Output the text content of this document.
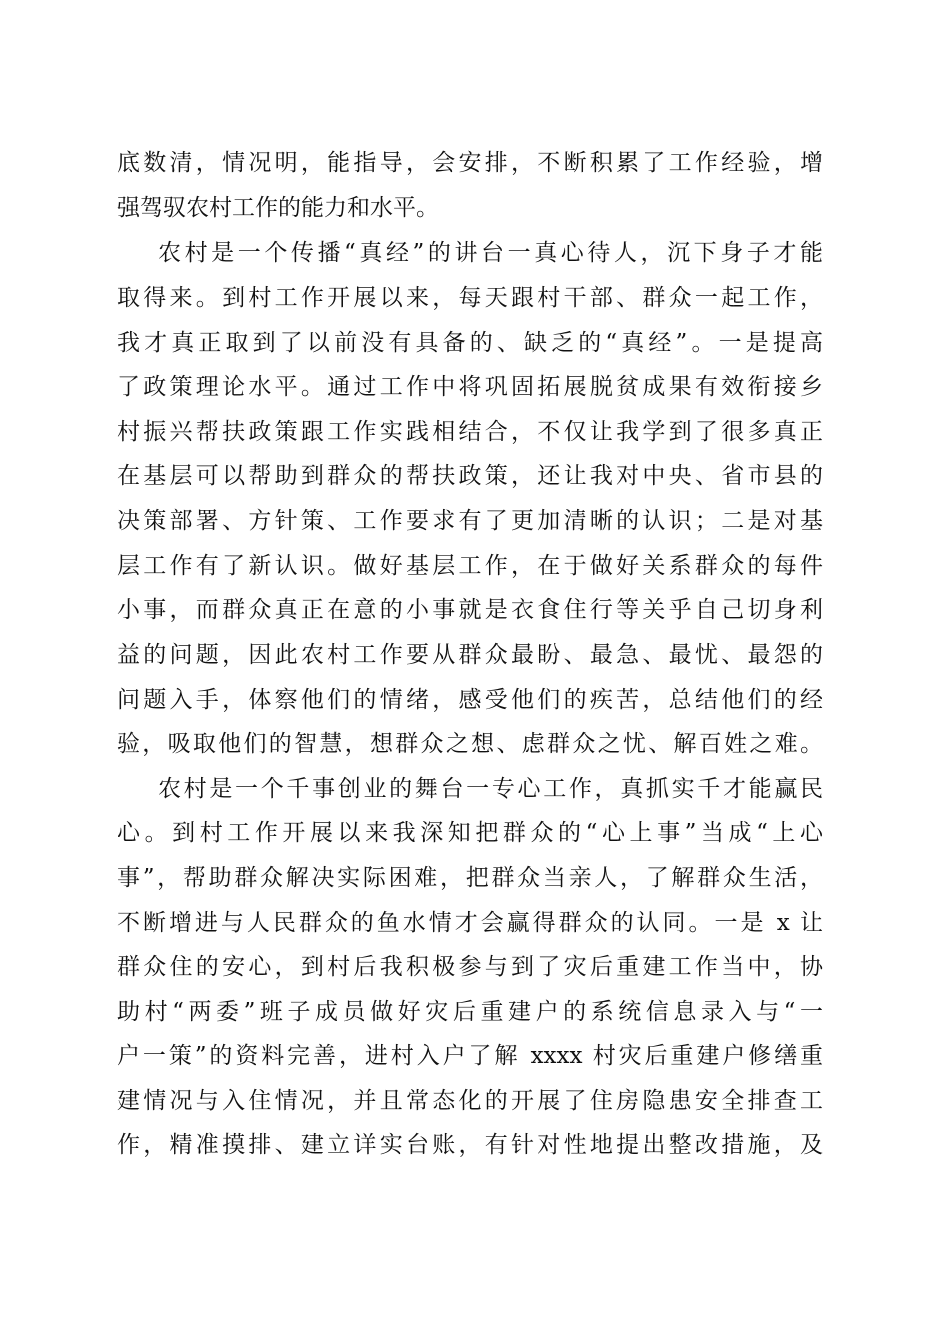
底数清，情况明，能指导，会安排，不断积累了工作经验，增
强驾驭农村工作的能力和水平。
农村是一个传播“真经”的讲台一真心待人，沉下身子才能
取得来。到村工作开展以来，每天跟村干部、群众一起工作，
我才真正取到了以前没有具备的、缺乏的“真经”。一是提高
了政策理论水平。通过工作中将巩固拓展脱贫成果有效衔接乡
村振兴帮扶政策跟工作实践相结合，不仅让我学到了很多真正
在基层可以帮助到群众的帮扶政策，还让我对中央、省市县的
决策部署、方针策、工作要求有了更加清晰的认识；二是对基
层工作有了新认识。做好基层工作，在于做好关系群众的每件
小事，而群众真正在意的小事就是衣食住行等关乎自己切身利
益的问题，因此农村工作要从群众最盼、最急、最忧、最怨的
问题入手，体察他们的情绪，感受他们的疾苦，总结他们的经
验，吸取他们的智慧，想群众之想、虑群众之忧、解百姓之难。
农村是一个千事创业的舞台一专心工作，真抓实千才能赢民
心。到村工作开展以来我深知把群众的“心上事”当成“上心
事”，帮助群众解决实际困难，把群众当亲人，了解群众生活，
不断增进与人民群众的鱼水情才会赢得群众的认同。一是 x 让
群众住的安心，到村后我积极参与到了灾后重建工作当中，协
助村“两委”班子成员做好灾后重建户的系统信息录入与“一
户一策”的资料完善，进村入户了解 xxxx 村灾后重建户修缮重
建情况与入住情况，并且常态化的开展了住房隐患安全排查工
作，精准摸排、建立详实台账，有针对性地提出整改措施，及
